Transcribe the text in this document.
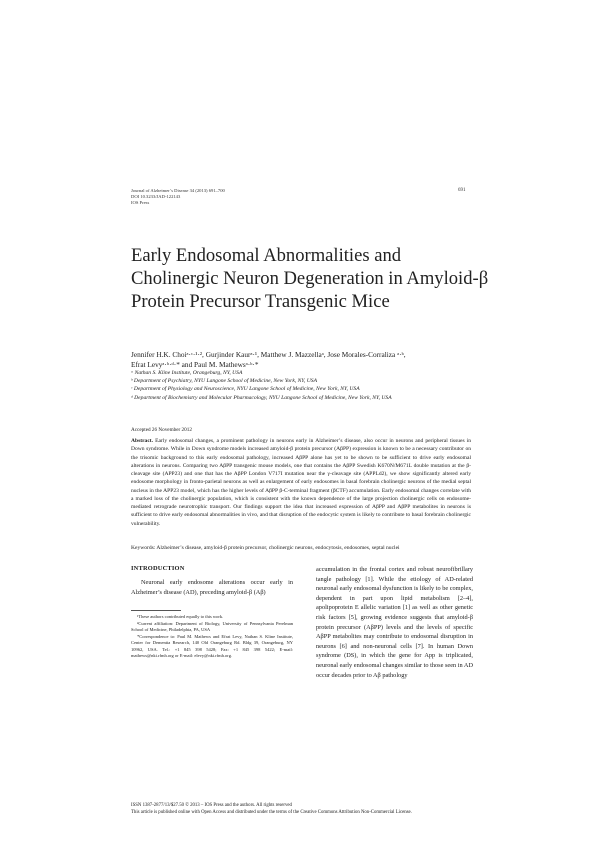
Journal of Alzheimer’s Disease 34 (2013) 691–700
DOI 10.3233/JAD-122143
IOS Press
691
Early Endosomal Abnormalities and Cholinergic Neuron Degeneration in Amyloid-β Protein Precursor Transgenic Mice
Jennifer H.K. Choiᵃ·ᶜ·¹·², Gurjinder Kaurᵃ·¹, Matthew J. Mazzellaᵃ, Jose Morales-Corraliza ᵃ·ᵇ,
Efrat Levyᵃ·ᵇ·ᵈ·* and Paul M. Mathewsᵃ·ᵇ·*
ᵃ Nathan S. Kline Institute, Orangeburg, NY, USA
ᵇ Department of Psychiatry, NYU Langone School of Medicine, New York, NY, USA
ᶜ Department of Physiology and Neuroscience, NYU Langone School of Medicine, New York, NY, USA
ᵈ Department of Biochemistry and Molecular Pharmacology, NYU Langone School of Medicine, New York, NY, USA
Accepted 26 November 2012
Abstract. Early endosomal changes, a prominent pathology in neurons early in Alzheimer’s disease, also occur in neurons and peripheral tissues in Down syndrome. While in Down syndrome models increased amyloid-β protein precursor (AβPP) expression is known to be a necessary contributor on the trisomic background to this early endosomal pathology, increased AβPP alone has yet to be shown to be sufficient to drive early endosomal alterations in neurons. Comparing two AβPP transgenic mouse models, one that contains the AβPP Swedish K670N/M671L double mutation at the β-cleavage site (APP23) and one that has the AβPP London V717I mutation near the γ-cleavage site (APPLd2), we show significantly altered early endosome morphology in fronto-parietal neurons as well as enlargement of early endosomes in basal forebrain cholinergic neurons of the medial septal nucleus in the APP23 model, which has the higher levels of AβPP β-C-terminal fragment (βCTF) accumulation. Early endosomal changes correlate with a marked loss of the cholinergic population, which is consistent with the known dependence of the large projection cholinergic cells on endosome-mediated retrograde neurotrophic transport. Our findings support the idea that increased expression of AβPP and AβPP metabolites in neurons is sufficient to drive early endosomal abnormalities in vivo, and that disruption of the endocytic system is likely to contribute to basal forebrain cholinergic vulnerability.
Keywords: Alzheimer’s disease, amyloid-β protein precursor, cholinergic neurons, endocytosis, endosomes, septal nuclei
INTRODUCTION
Neuronal early endosome alterations occur early in Alzheimer’s disease (AD), preceding amyloid-β (Aβ)

¹These authors contributed equally to this work.

²Current affiliation: Department of Biology, University of Pennsylvania Perelman School of Medicine, Philadelphia, PA, USA

*Correspondence to: Paul M. Mathews and Efrat Levy, Nathan S. Kline Institute, Center for Dementia Research, 140 Old Orangeburg Rd. Bldg 39, Orangeburg, NY 10962, USA. Tel.: +1 845 398 5428; Fax: +1 845 398 5422; E-mail: mathews@nki.rfmh.org or E-mail: elevy@nki.rfmh.org.

accumulation in the frontal cortex and robust neurofibrillary tangle pathology [1]. While the etiology of AD-related neuronal early endosomal dysfunction is likely to be complex, dependent in part upon lipid metabolism [2–4], apolipoprotein E allelic variation [1] as well as other genetic risk factors [5], growing evidence suggests that amyloid-β protein precursor (AβPP) levels and the levels of specific AβPP metabolites may contribute to endosomal disruption in neurons [6] and non-neuronal cells [7]. In human Down syndrome (DS), in which the gene for App is triplicated, neuronal early endosomal changes similar to those seen in AD occur decades prior to Aβ pathology
ISSN 1387-2877/13/$27.50 © 2013 – IOS Press and the authors. All rights reserved
This article is published online with Open Access and distributed under the terms of the Creative Commons Attribution Non-Commercial License.
